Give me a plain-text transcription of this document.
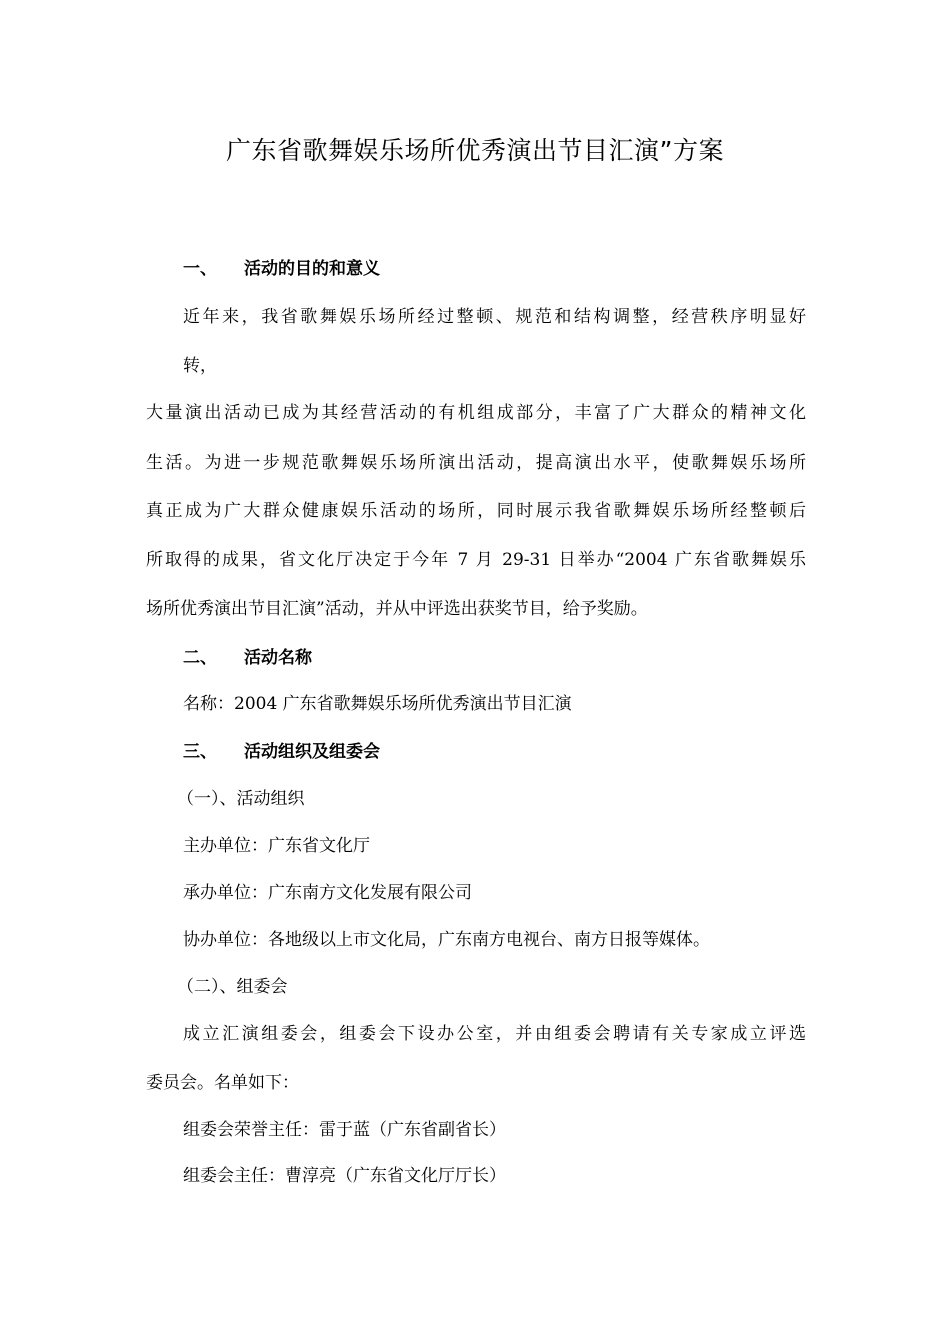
广东省歌舞娱乐场所优秀演出节目汇演”方案
一、 活动的目的和意义
近年来，我省歌舞娱乐场所经过整顿、规范和结构调整，经营秩序明显好
转，
大量演出活动已成为其经营活动的有机组成部分，丰富了广大群众的精神文化
生活。为进一步规范歌舞娱乐场所演出活动，提高演出水平，使歌舞娱乐场所
真正成为广大群众健康娱乐活动的场所，同时展示我省歌舞娱乐场所经整顿后
所取得的成果，省文化厅决定于今年 7 月 29-31 日举办“2004 广东省歌舞娱乐
场所优秀演出节目汇演”活动，并从中评选出获奖节目，给予奖励。
二、 活动名称
名称：2004 广东省歌舞娱乐场所优秀演出节目汇演
三、 活动组织及组委会
（一）、活动组织
主办单位：广东省文化厅
承办单位：广东南方文化发展有限公司
协办单位：各地级以上市文化局，广东南方电视台、南方日报等媒体。
（二）、组委会
成立汇演组委会，组委会下设办公室，并由组委会聘请有关专家成立评选
委员会。名单如下：
组委会荣誉主任：雷于蓝（广东省副省长）
组委会主任：曹淳亮（广东省文化厅厅长）
